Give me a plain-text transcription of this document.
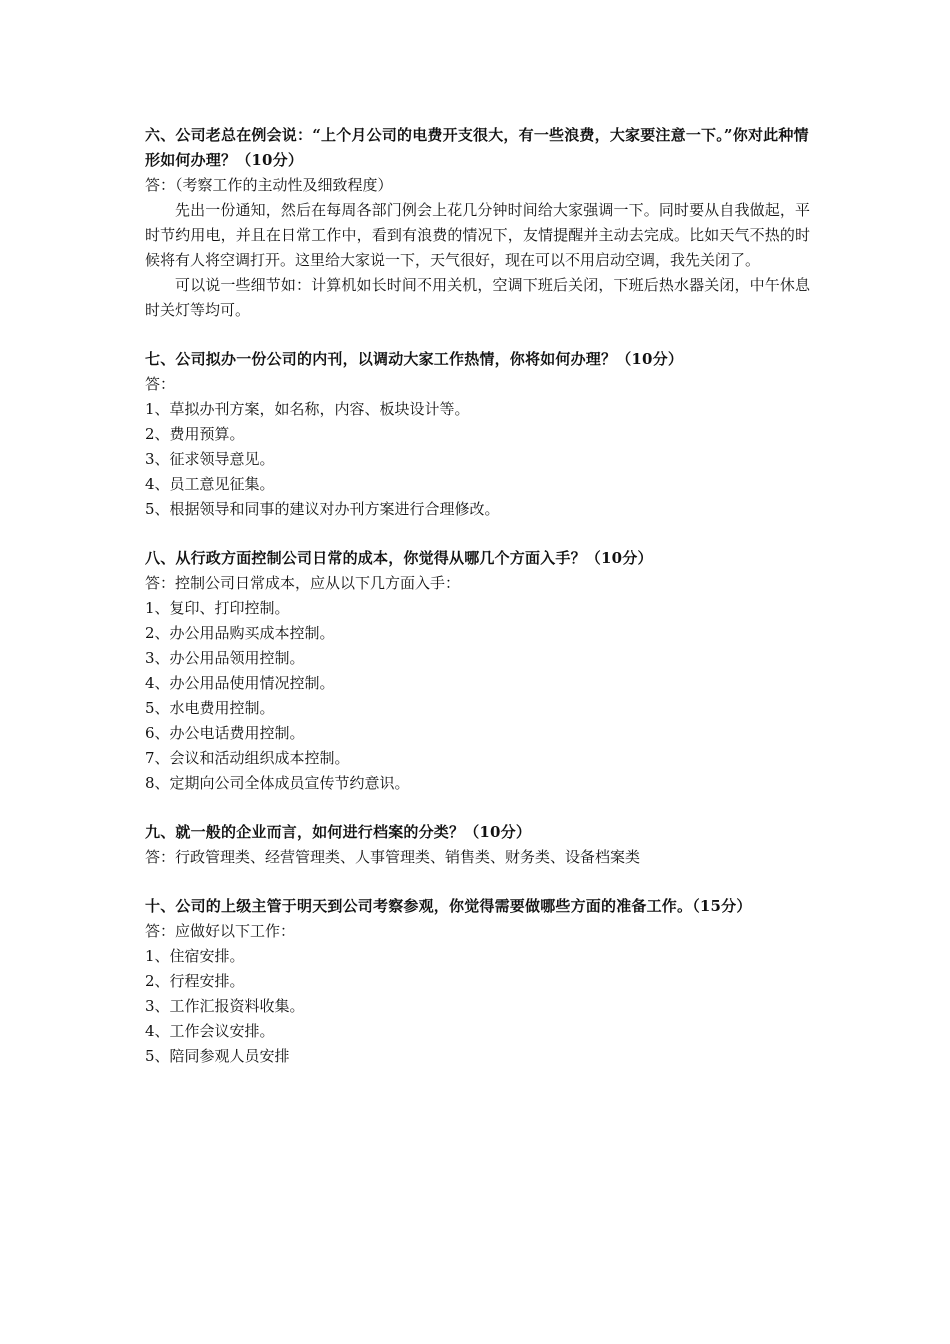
六、公司老总在例会说：“上个月公司的电费开支很大，有一些浪费，大家要注意一下。”你对此种情形如何办理？（10分）
答：（考察工作的主动性及细致程度）
先出一份通知，然后在每周各部门例会上花几分钟时间给大家强调一下。同时要从自我做起，平时节约用电，并且在日常工作中，看到有浪费的情况下，友情提醒并主动去完成。比如天气不热的时候将有人将空调打开。这里给大家说一下，天气很好，现在可以不用启动空调，我先关闭了。
可以说一些细节如：计算机如长时间不用关机，空调下班后关闭，下班后热水器关闭，中午休息时关灯等均可。
七、公司拟办一份公司的内刊，以调动大家工作热情，你将如何办理？（10分）
答：
1、草拟办刊方案，如名称，内容、板块设计等。
2、费用预算。
3、征求领导意见。
4、员工意见征集。
5、根据领导和同事的建议对办刊方案进行合理修改。
八、从行政方面控制公司日常的成本，你觉得从哪几个方面入手？（10分）
答：控制公司日常成本，应从以下几方面入手：
1、复印、打印控制。
2、办公用品购买成本控制。
3、办公用品领用控制。
4、办公用品使用情况控制。
5、水电费用控制。
6、办公电话费用控制。
7、会议和活动组织成本控制。
8、定期向公司全体成员宣传节约意识。
九、就一般的企业而言，如何进行档案的分类？（10分）
答：行政管理类、经营管理类、人事管理类、销售类、财务类、设备档案类
十、公司的上级主管于明天到公司考察参观，你觉得需要做哪些方面的准备工作。（15分）
答：应做好以下工作：
1、住宿安排。
2、行程安排。
3、工作汇报资料收集。
4、工作会议安排。
5、陪同参观人员安排
